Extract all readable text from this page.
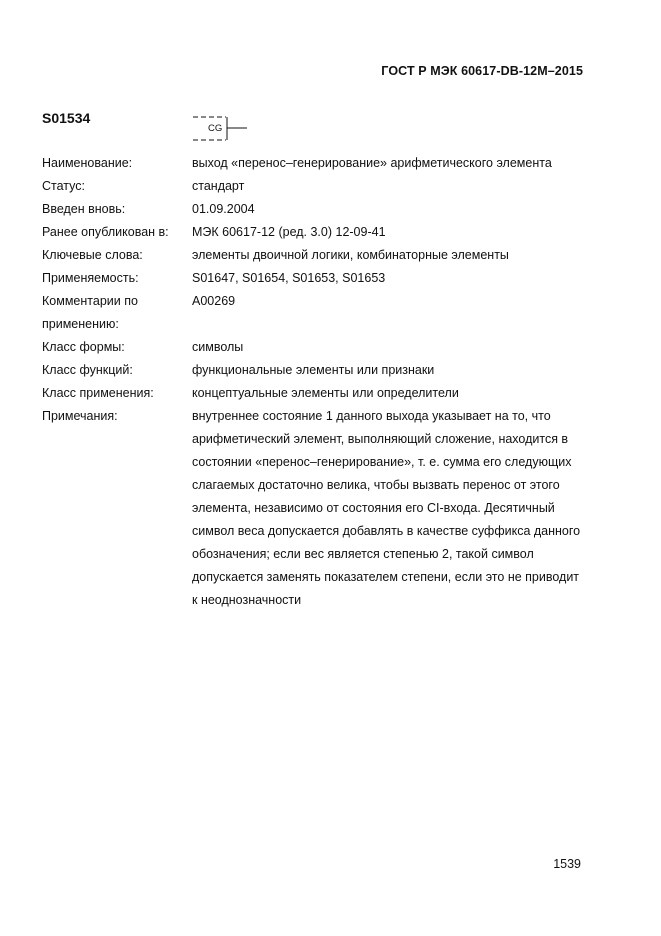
ГОСТ Р МЭК 60617-DB-12M–2015
S01534
CG
Наименование:	выход «перенос–генерирование» арифметического элемента
Статус:	стандарт
Введен вновь:	01.09.2004
Ранее опубликован в:	МЭК 60617-12 (ред. 3.0) 12-09-41
Ключевые слова:	элементы двоичной логики, комбинаторные элементы
Применяемость:	S01647, S01654, S01653, S01653
Комментарии по применению:
A00269
Класс формы:	символы
Класс функций:	функциональные элементы или признаки
Класс применения:	концептуальные элементы или определители
Примечания:	внутреннее состояние 1 данного выхода указывает на то, что арифметический элемент, выполняющий сложение, находится в состоянии «перенос–генерирование», т. е. сумма его следующих слагаемых достаточно велика, чтобы вызвать перенос от этого элемента, независимо от состояния его CI-входа. Десятичный символ веса допускается добавлять в качестве суффикса данного обозначения; если вес является степенью 2, такой символ допускается заменять показателем степени, если это не приводит к неоднозначности
1539
